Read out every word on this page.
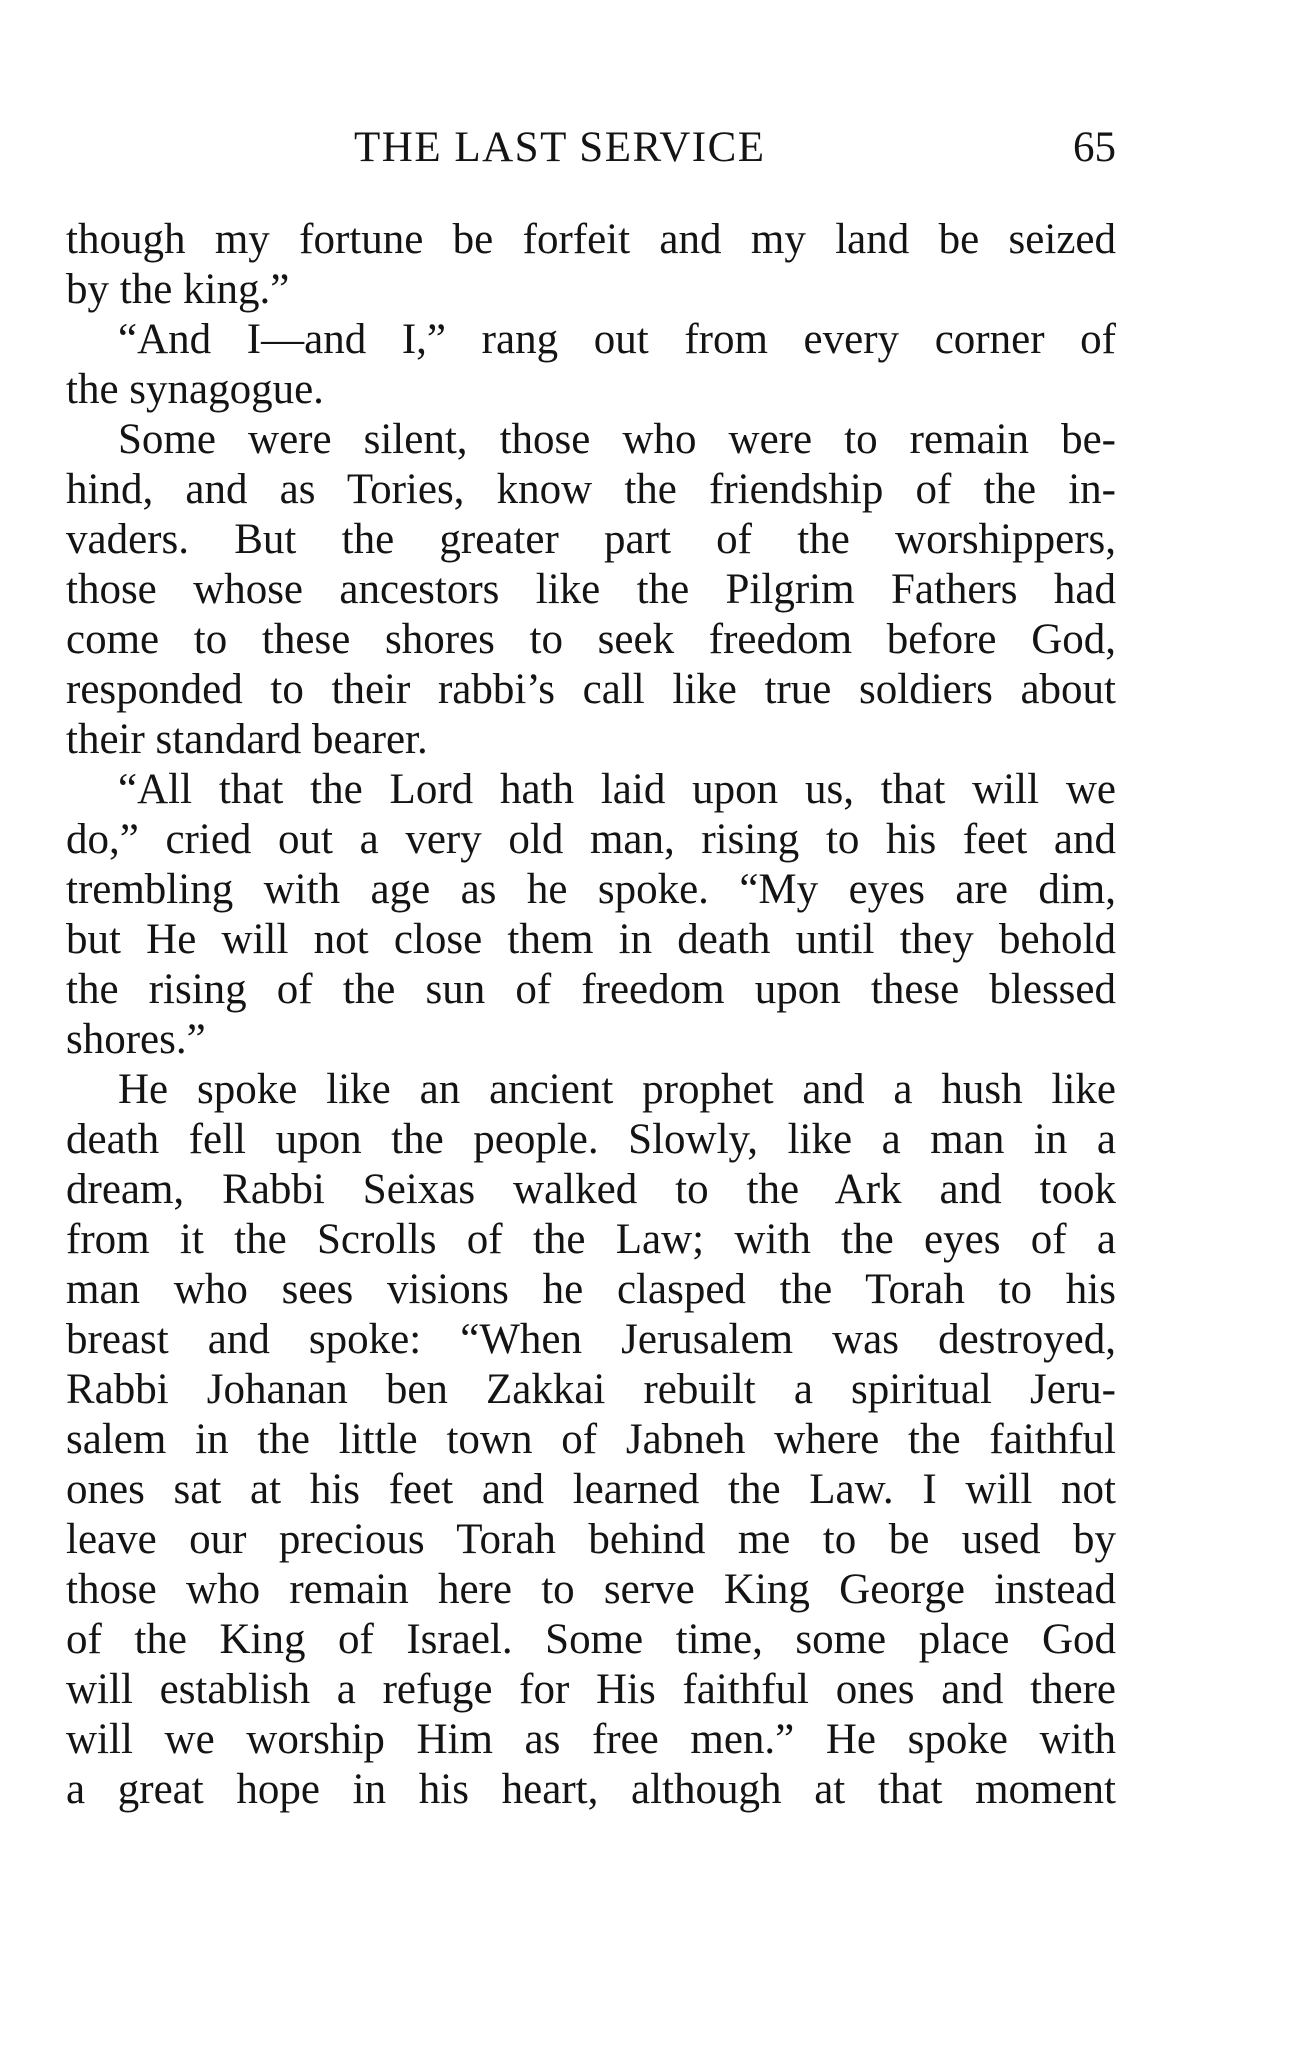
THE LAST SERVICE	65
though my fortune be forfeit and my land be seized
by the king.”
“And I—and I,” rang out from every corner of
the synagogue.
Some were silent, those who were to remain be-
hind, and as Tories, know the friendship of the in-
vaders. But the greater part of the worshippers,
those whose ancestors like the Pilgrim Fathers had
come to these shores to seek freedom before God,
responded to their rabbi’s call like true soldiers about
their standard bearer.
“All that the Lord hath laid upon us, that will we
do,” cried out a very old man, rising to his feet and
trembling with age as he spoke. “My eyes are dim,
but He will not close them in death until they behold
the rising of the sun of freedom upon these blessed
shores.”
He spoke like an ancient prophet and a hush like
death fell upon the people. Slowly, like a man in a
dream, Rabbi Seixas walked to the Ark and took
from it the Scrolls of the Law; with the eyes of a
man who sees visions he clasped the Torah to his
breast and spoke: “When Jerusalem was destroyed,
Rabbi Johanan ben Zakkai rebuilt a spiritual Jeru-
salem in the little town of Jabneh where the faithful
ones sat at his feet and learned the Law. I will not
leave our precious Torah behind me to be used by
those who remain here to serve King George instead
of the King of Israel. Some time, some place God
will establish a refuge for His faithful ones and there
will we worship Him as free men.” He spoke with
a great hope in his heart, although at that moment
